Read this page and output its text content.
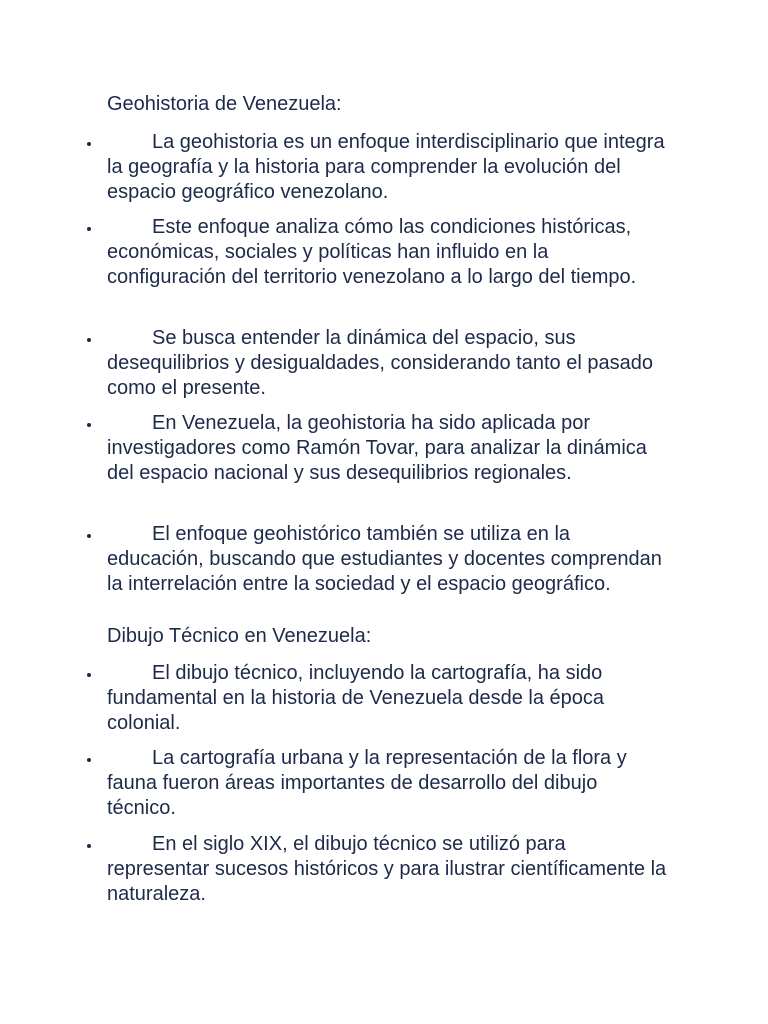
Geohistoria de Venezuela:

La geohistoria es un enfoque interdisciplinario que integra la geografía y la historia para comprender la evolución del espacio geográfico venezolano.

Este enfoque analiza cómo las condiciones históricas, económicas, sociales y políticas han influido en la configuración del territorio venezolano a lo largo del tiempo.

Se busca entender la dinámica del espacio, sus desequilibrios y desigualdades, considerando tanto el pasado como el presente.

En Venezuela, la geohistoria ha sido aplicada por investigadores como Ramón Tovar, para analizar la dinámica del espacio nacional y sus desequilibrios regionales.

El enfoque geohistórico también se utiliza en la educación, buscando que estudiantes y docentes comprendan la interrelación entre la sociedad y el espacio geográfico.

Dibujo Técnico en Venezuela:

El dibujo técnico, incluyendo la cartografía, ha sido fundamental en la historia de Venezuela desde la época colonial.

La cartografía urbana y la representación de la flora y fauna fueron áreas importantes de desarrollo del dibujo técnico.

En el siglo XIX, el dibujo técnico se utilizó para representar sucesos históricos y para ilustrar científicamente la naturaleza.
